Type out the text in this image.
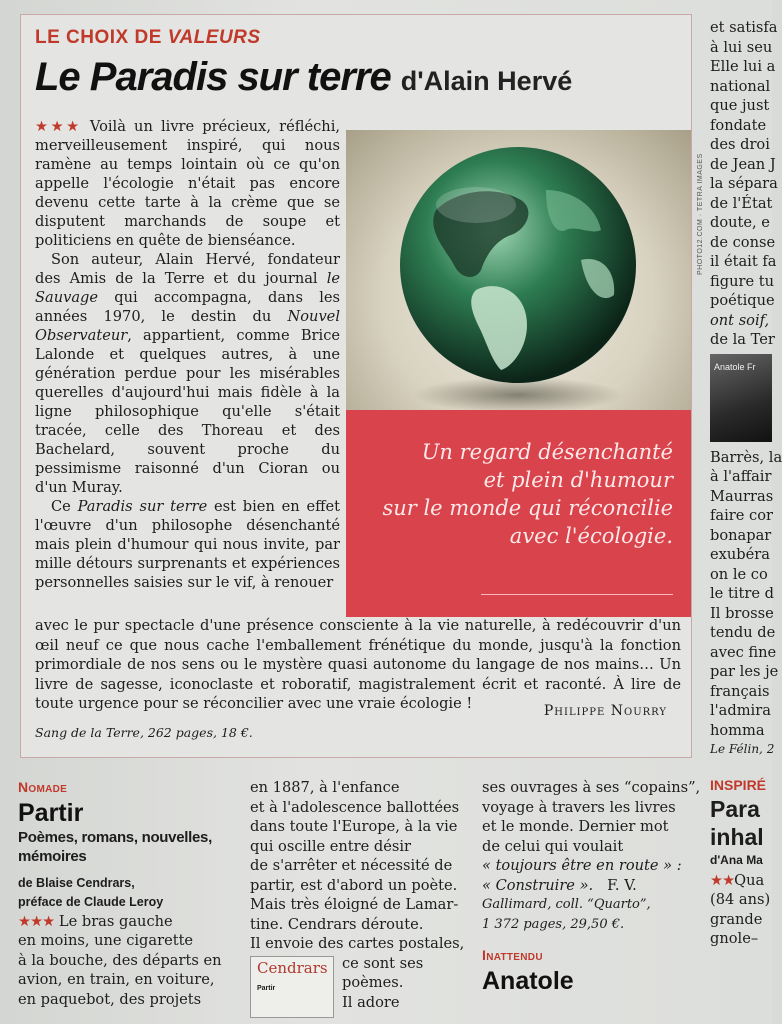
LE CHOIX DE VALEURS
Le Paradis sur terre d'Alain Hervé

★★★ Voilà un livre précieux, réfléchi, merveilleusement inspiré, qui nous ramène au temps lointain où ce qu'on appelle l'écologie n'était pas encore devenu cette tarte à la crème que se disputent marchands de soupe et politiciens en quête de bienséance.

Son auteur, Alain Hervé, fondateur des Amis de la Terre et du journal le Sauvage qui accompagna, dans les années 1970, le destin du Nouvel Observateur, appartient, comme Brice Lalonde et quelques autres, à une génération perdue pour les misérables querelles d'aujourd'hui mais fidèle à la ligne philosophique qu'elle s'était tracée, celle des Thoreau et des Bachelard, souvent proche du pessimisme raisonné d'un Cioran ou d'un Muray.

Ce Paradis sur terre est bien en effet l'œuvre d'un philosophe désenchanté mais plein d'humour qui nous invite, par mille détours surprenants et expériences personnelles saisies sur le vif, à renouer

PHOTO12.COM · TETRA IMAGES
Un regard désenchanté
et plein d'humour
sur le monde qui réconcilie
avec l'écologie.

avec le pur spectacle d'une présence consciente à la vie naturelle, à redécouvrir d'un œil neuf ce que nous cache l'emballement frénétique du monde, jusqu'à la fonction primordiale de nos sens ou le mystère quasi autonome du langage de nos mains… Un livre de sagesse, iconoclaste et roboratif, magistralement écrit et raconté. À lire de toute urgence pour se réconcilier avec une vraie écologie !	Philippe Nourry
Sang de la Terre, 262 pages, 18 €.
et satisfa
à lui seu
Elle lui a
national
que just
fondate
des droi
de Jean J
la sépara
de l'État
doute, e
de conse
il était fa
figure tu
poétique
ont soif,
de la Ter
Anatole Fr
Barrès, la
à l'affair
Maurras
faire cor
bonapar
exubéra
on le co
le titre d
Il brosse
tendu de
avec fine
par les je
français
l'admira
homma
Le Félin, 2
INSPIRÉ
Para
inhal
d'Ana Ma
★★Qua
(84 ans)
grande
gnole–
Nomade
Partir
Poèmes, romans, nouvelles, mémoires
de Blaise Cendrars,
préface de Claude Leroy
★★★ Le bras gauche
en moins, une cigarette
à la bouche, des départs en
avion, en train, en voiture,
en paquebot, des projets
en 1887, à l'enfance
et à l'adolescence ballottées
dans toute l'Europe, à la vie
qui oscille entre désir
de s'arrêter et nécessité de
partir, est d'abord un poète.
Mais très éloigné de Lamar-
tine. Cendrars déroute.
Il envoie des cartes postales,
Cendrars
Partir
ce sont ses
poèmes.
Il adore
ses ouvrages à ses “copains”,
voyage à travers les livres
et le monde. Dernier mot
de celui qui voulait
« toujours être en route » :
« Construire ». F. V.
Gallimard, coll. “Quarto”,
1 372 pages, 29,50 €.
Inattendu
Anatole
